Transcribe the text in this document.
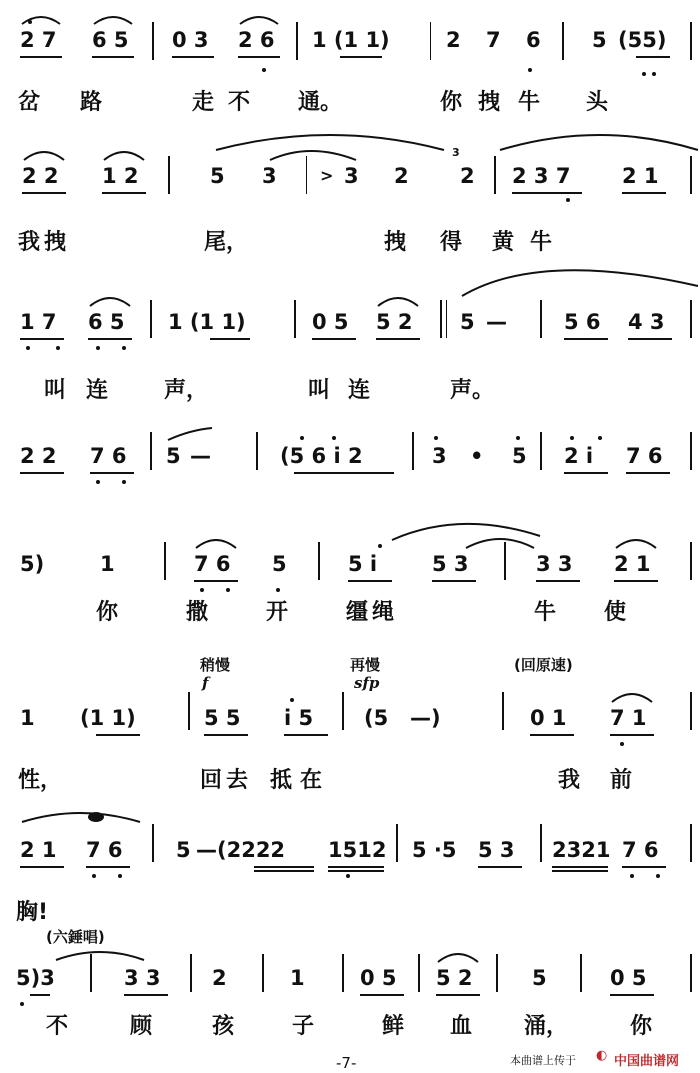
2 7 6 5 0 3 2 6 1 (1 1)	2 7 6 5 (55)
岔 路	走 不 通。	你 拽 牛 头
2 2 1 2	5 3	3 2 2 2 3 7 2 1
>
3
我 拽	尾，	拽 得 黄 牛
1 7 6 5 1 (1 1)	0 5 5 2 5 —	5 6 4 3
叫 连	声，	叫 连	声。
2 2 7 6 5 —	(5 6 i 2	3 • 5 2 i 7 6
5)	1	7 6 5	5 i	5 3	3 3 2 1
你	撒	开	缰 绳	牛 使
稍慢	再慢	(回原速)
f	sfp
1 (1 1)	5 5 i 5 (5 —)	0 1 7 1
性，	回 去 抵 在	我 前
2 1 7 6	5 —(2222 1512 5 ·5 5 3 2321 7 6
胸!
(六錘唱)
5)3	3 3 2	1	0 5 5 2	5	0 5
不	顾	孩	子	鲜 血 涌，	你
-7-	本曲谱上传于 ◐ 中国曲谱网
